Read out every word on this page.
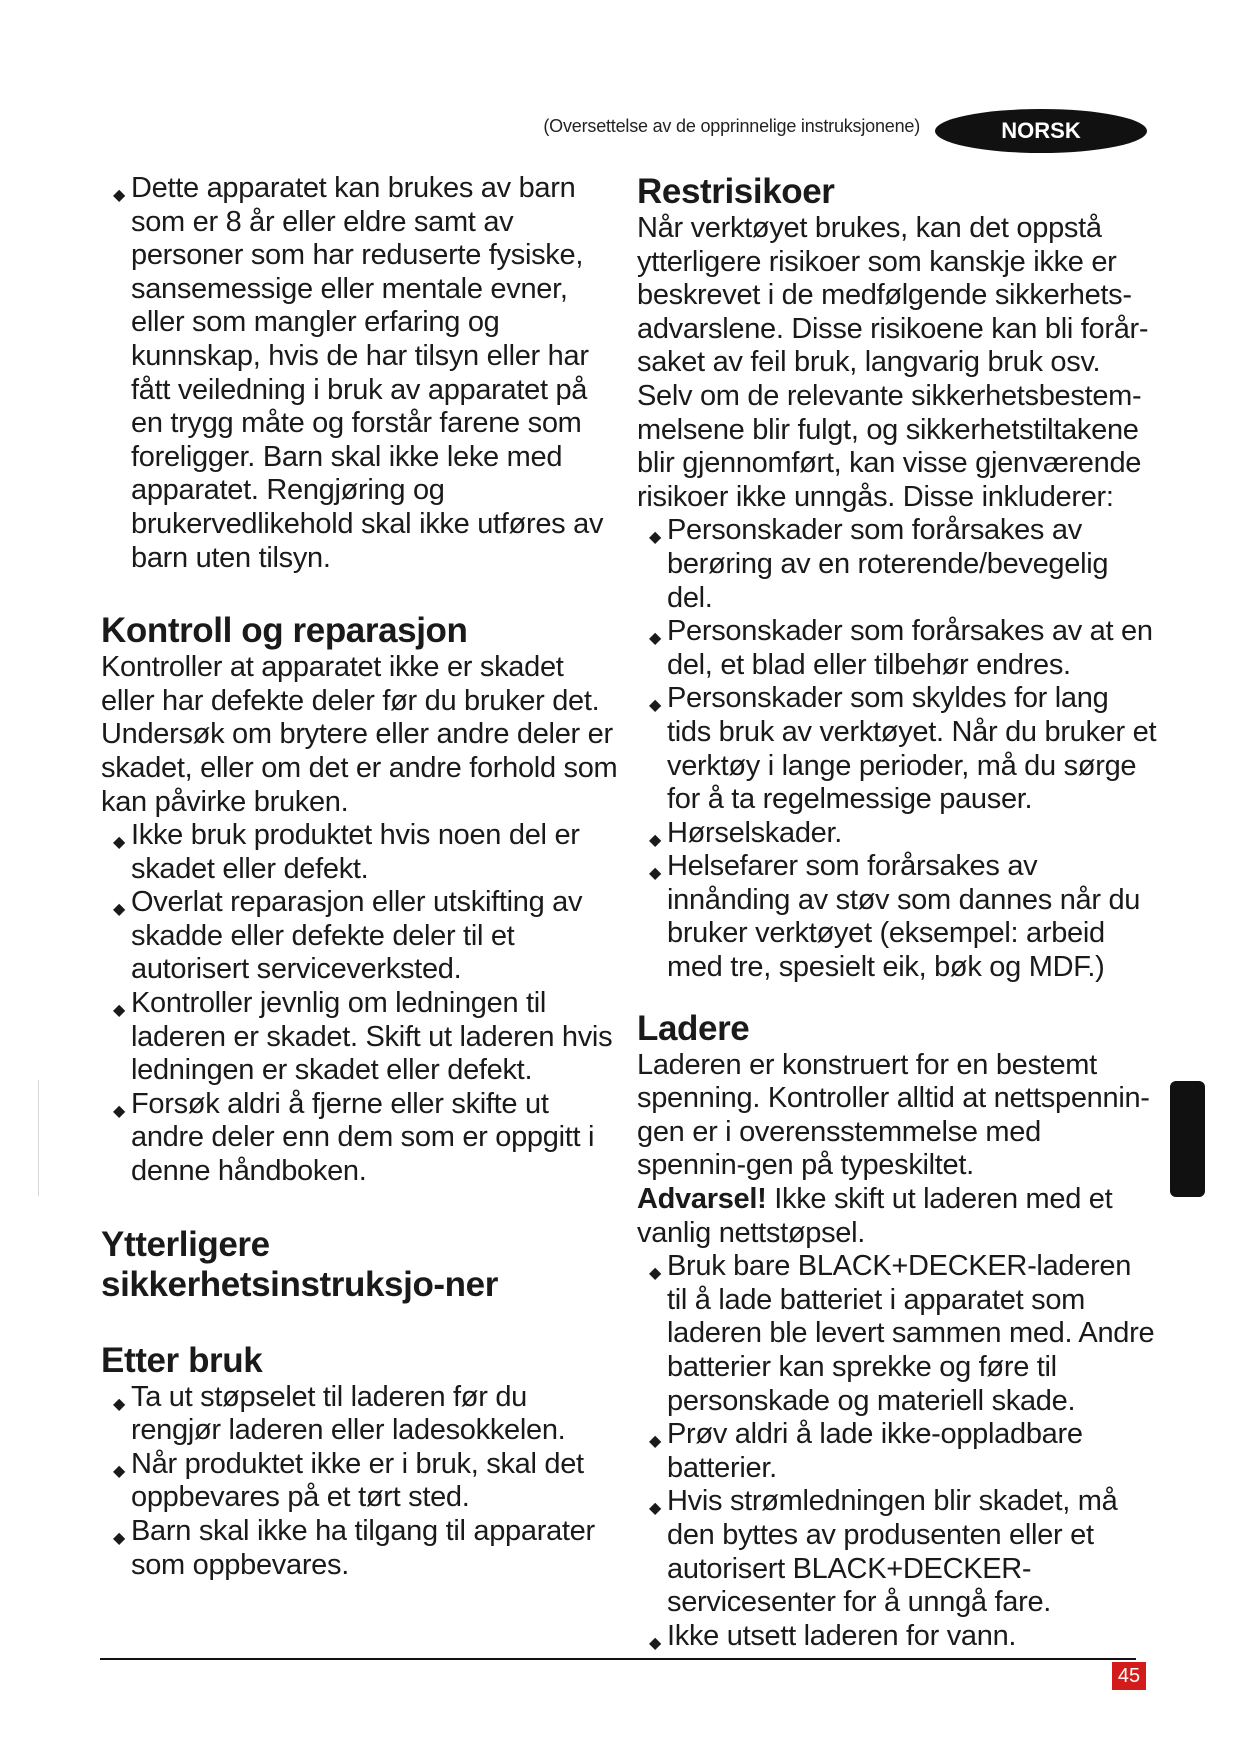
(Oversettelse av de opprinnelige instruksjonene)	NORSK
◆ Dette apparatet kan brukes av barn som er 8 år eller eldre samt av personer som har reduserte fysiske, sansemessige eller mentale evner, eller som mangler erfaring og kunnskap, hvis de har tilsyn eller har fått veiledning i bruk av apparatet på en trygg måte og forstår farene som foreligger. Barn skal ikke leke med apparatet. Rengjøring og brukervedlikehold skal ikke utføres av barn uten tilsyn.
Kontroll og reparasjon

Kontroller at apparatet ikke er skadet eller har defekte deler før du bruker det. Undersøk om brytere eller andre deler er skadet, eller om det er andre forhold som kan påvirke bruken.

◆ Ikke bruk produktet hvis noen del er skadet eller defekt.
◆ Overlat reparasjon eller utskifting av skadde eller defekte deler til et autorisert serviceverksted.
◆ Kontroller jevnlig om ledningen til laderen er skadet. Skift ut laderen hvis ledningen er skadet eller defekt.
◆ Forsøk aldri å fjerne eller skifte ut andre deler enn dem som er oppgitt i denne håndboken.
Ytterligere sikkerhetsinstruksjo-ner
Etter bruk
◆ Ta ut støpselet til laderen før du rengjør laderen eller ladesokkelen.
◆ Når produktet ikke er i bruk, skal det oppbevares på et tørt sted.
◆ Barn skal ikke ha tilgang til apparater som oppbevares.
Restrisikoer

Når verktøyet brukes, kan det oppstå ytterligere risikoer som kanskje ikke er beskrevet i de medfølgende sikkerhets-advarslene. Disse risikoene kan bli forår-saket av feil bruk, langvarig bruk osv. Selv om de relevante sikkerhetsbestem-melsene blir fulgt, og sikkerhetstiltakene blir gjennomført, kan visse gjenværende risikoer ikke unngås. Disse inkluderer:

◆ Personskader som forårsakes av berøring av en roterende/bevegelig del.
◆ Personskader som forårsakes av at en del, et blad eller tilbehør endres.
◆ Personskader som skyldes for lang tids bruk av verktøyet. Når du bruker et verktøy i lange perioder, må du sørge for å ta regelmessige pauser.
◆ Hørselskader.
◆ Helsefarer som forårsakes av innånding av støv som dannes når du bruker verktøyet (eksempel: arbeid med tre, spesielt eik, bøk og MDF.)
Ladere

Laderen er konstruert for en bestemt spenning. Kontroller alltid at nettspennin-gen er i overensstemmelse med spennin-gen på typeskiltet.

Advarsel! Ikke skift ut laderen med et vanlig nettstøpsel.

◆ Bruk bare BLACK+DECKER-laderen til å lade batteriet i apparatet som laderen ble levert sammen med. Andre batterier kan sprekke og føre til personskade og materiell skade.
◆ Prøv aldri å lade ikke-oppladbare batterier.
◆ Hvis strømledningen blir skadet, må den byttes av produsenten eller et autorisert BLACK+DECKER-servicesenter for å unngå fare.
◆ Ikke utsett laderen for vann.
45
